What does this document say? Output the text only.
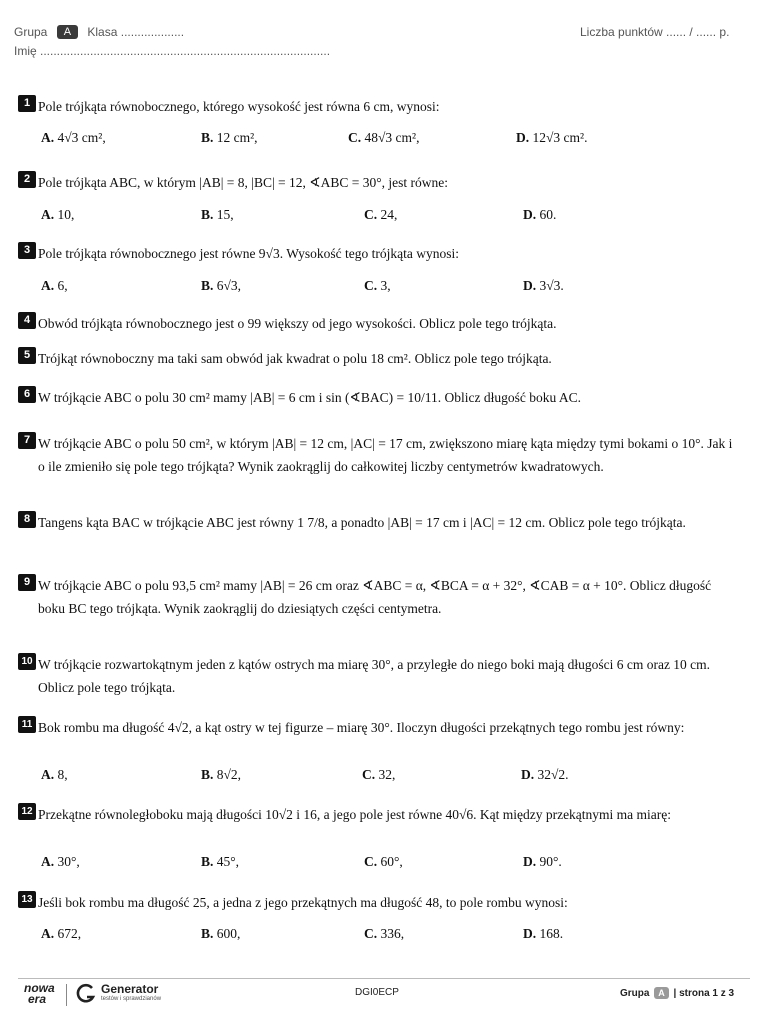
Grupa A Klasa ...................	Liczba punktów ...... / ...... p.
Imię .......................................................................................
1 Pole trójkąta równobocznego, którego wysokość jest równa 6 cm, wynosi:
A. 4√3 cm²,	B. 12 cm²,	C. 48√3 cm²,	D. 12√3 cm².
2 Pole trójkąta ABC, w którym |AB| = 8, |BC| = 12, ∢ABC = 30°, jest równe:
A. 10,	B. 15,	C. 24,	D. 60.
3 Pole trójkąta równobocznego jest równe 9√3. Wysokość tego trójkąta wynosi:
A. 6,	B. 6√3,	C. 3,	D. 3√3.
4 Obwód trójkąta równobocznego jest o 99 większy od jego wysokości. Oblicz pole tego trójkąta.
5 Trójkąt równoboczny ma taki sam obwód jak kwadrat o polu 18 cm². Oblicz pole tego trójkąta.
6 W trójkącie ABC o polu 30 cm² mamy |AB| = 6 cm i sin (∢BAC) = 10/11. Oblicz długość boku AC.
7 W trójkącie ABC o polu 50 cm², w którym |AB| = 12 cm, |AC| = 17 cm, zwiększono miarę kąta między tymi bokami o 10°. Jak i o ile zmieniło się pole tego trójkąta? Wynik zaokrąglij do całkowitej liczby centymetrów kwadratowych.
8 Tangens kąta BAC w trójkącie ABC jest równy 1 7/8, a ponadto |AB| = 17 cm i |AC| = 12 cm. Oblicz pole tego trójkąta.
9 W trójkącie ABC o polu 93,5 cm² mamy |AB| = 26 cm oraz ∢ABC = α, ∢BCA = α + 32°, ∢CAB = α + 10°. Oblicz długość boku BC tego trójkąta. Wynik zaokrąglij do dziesiątych części centymetra.
10 W trójkącie rozwartokątnym jeden z kątów ostrych ma miarę 30°, a przyległe do niego boki mają długości 6 cm oraz 10 cm. Oblicz pole tego trójkąta.
11 Bok rombu ma długość 4√2, a kąt ostry w tej figurze – miarę 30°. Iloczyn długości przekątnych tego rombu jest równy:
A. 8,	B. 8√2,	C. 32,	D. 32√2.
12 Przekątne równoległoboku mają długości 10√2 i 16, a jego pole jest równe 40√6. Kąt między przekątnymi ma miarę:
A. 30°,	B. 45°,	C. 60°,	D. 90°.
13 Jeśli bok rombu ma długość 25, a jedna z jego przekątnych ma długość 48, to pole rombu wynosi:
A. 672,	B. 600,	C. 336,	D. 168.
nowa
era
Generator
testów i sprawdzianów
DGI0ECP	Grupa A | strona 1 z 3
